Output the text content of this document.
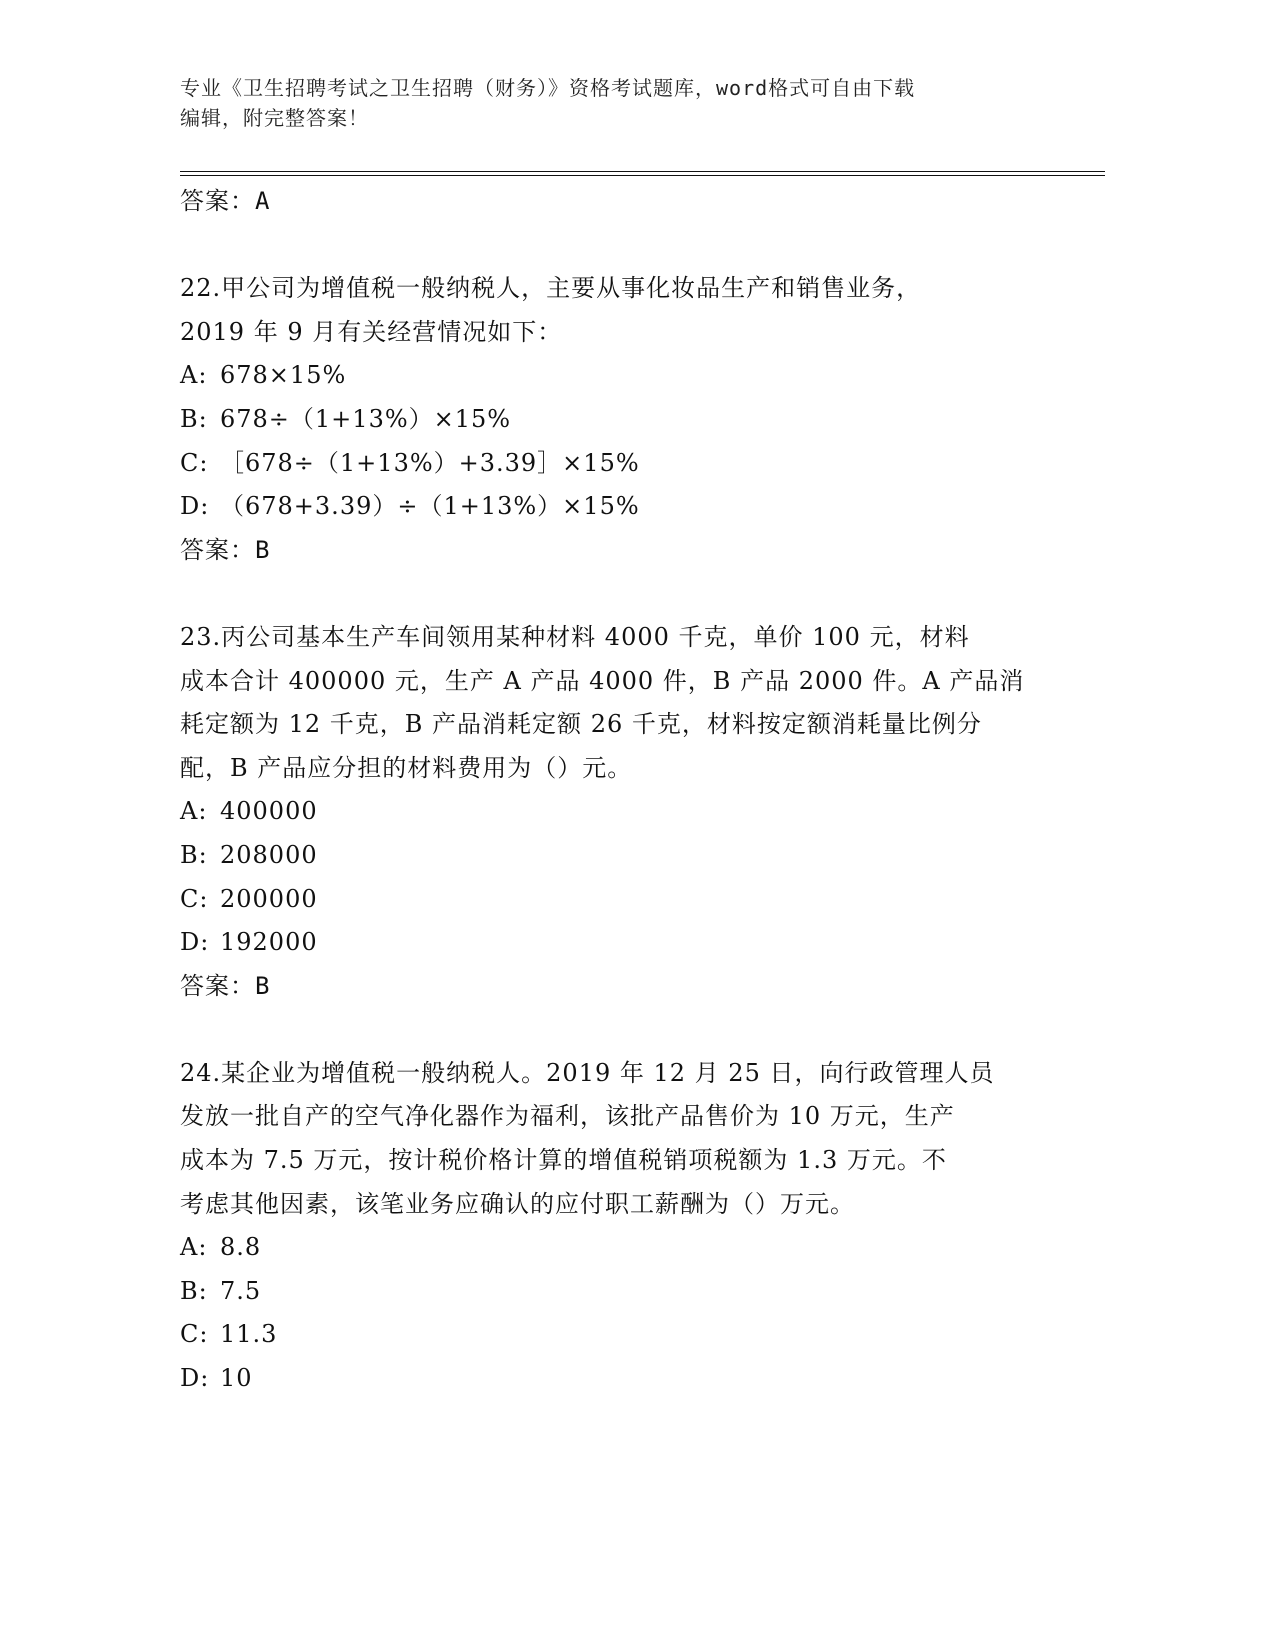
专业《卫生招聘考试之卫生招聘（财务）》资格考试题库，word格式可自由下载
编辑，附完整答案！
答案：A
22.甲公司为增值税一般纳税人，主要从事化妆品生产和销售业务，
2019 年 9 月有关经营情况如下：
A: 678×15%
B: 678÷（1+13%）×15%
C: ［678÷（1+13%）+3.39］×15%
D: （678+3.39）÷（1+13%）×15%
答案：B
23.丙公司基本生产车间领用某种材料 4000 千克，单价 100 元，材料
成本合计 400000 元，生产 A 产品 4000 件，B 产品 2000 件。A 产品消
耗定额为 12 千克，B 产品消耗定额 26 千克，材料按定额消耗量比例分
配，B 产品应分担的材料费用为（）元。
A: 400000
B: 208000
C: 200000
D: 192000
答案：B
24.某企业为增值税一般纳税人。2019 年 12 月 25 日，向行政管理人员
发放一批自产的空气净化器作为福利，该批产品售价为 10 万元，生产
成本为 7.5 万元，按计税价格计算的增值税销项税额为 1.3 万元。不
考虑其他因素，该笔业务应确认的应付职工薪酬为（）万元。
A: 8.8
B: 7.5
C: 11.3
D: 10
